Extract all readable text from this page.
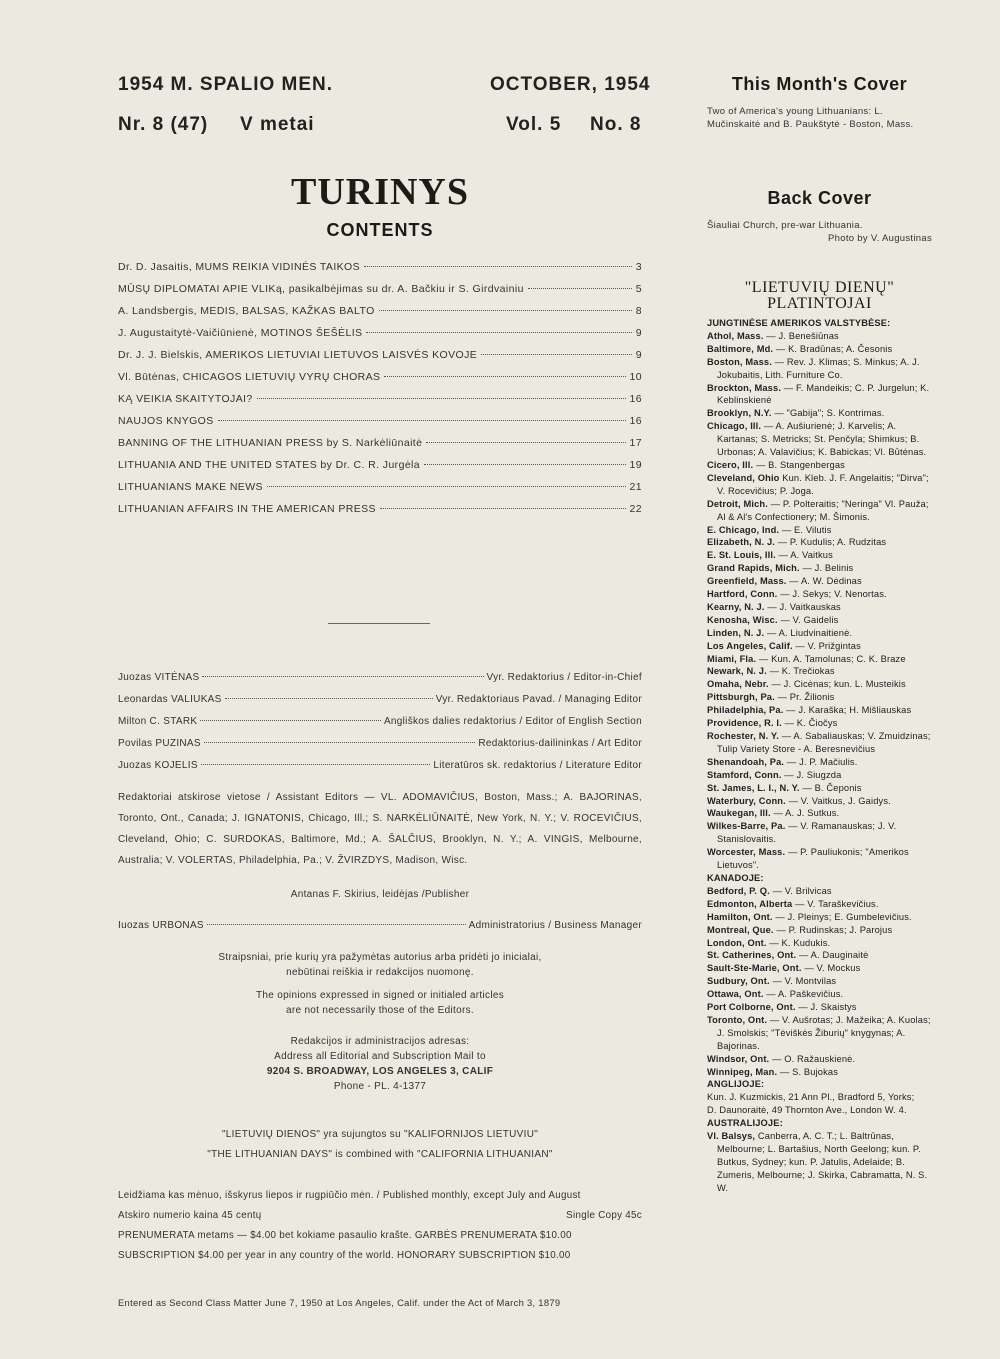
1954 M. SPALIO MEN.	OCTOBER, 1954
Nr. 8 (47) V metai	Vol. 5 No. 8
TURINYS
CONTENTS
Dr. D. Jasaitis, MUMS REIKIA VIDINĖS TAIKOS	3
MŪSŲ DIPLOMATAI APIE VLIKą, pasikalbėjimas su dr. A. Bačkiu ir S. Girdvainiu	5
A. Landsbergis, MEDIS, BALSAS, KAŽKAS BALTO	8
J. Augustaitytė-Vaičiūnienė, MOTINOS ŠEŠĖLIS	9
Dr. J. J. Bielskis, AMERIKOS LIETUVIAI LIETUVOS LAISVĖS KOVOJE	9
Vl. Būtėnas, CHICAGOS LIETUVIŲ VYRŲ CHORAS	10
KĄ VEIKIA SKAITYTOJAI?	16
NAUJOS KNYGOS	16
BANNING OF THE LITHUANIAN PRESS by S. Narkėliūnaitė	17
LITHUANIA AND THE UNITED STATES by Dr. C. R. Jurgėla	19
LITHUANIANS MAKE NEWS	21
LITHUANIAN AFFAIRS IN THE AMERICAN PRESS	22
Juozas VITĖNAS	Vyr. Redaktorius / Editor-in-Chief
Leonardas VALIUKAS	Vyr. Redaktoriaus Pavad. / Managing Editor
Milton C. STARK	Angliškos dalies redaktorius / Editor of English Section
Povilas PUZINAS	Redaktorius-dailininkas / Art Editor
Juozas KOJELIS	Literatūros sk. redaktorius / Literature Editor
Redaktoriai atskirose vietose / Assistant Editors — VL. ADOMAVIČIUS, Boston, Mass.; A. BAJORINAS, Toronto, Ont., Canada; J. IGNATONIS, Chicago, Ill.; S. NARKĖLIŪNAITĖ, New York, N. Y.; V. ROCEVIČIUS, Cleveland, Ohio; C. SURDOKAS, Baltimore, Md.; A. ŠALČIUS, Brooklyn, N. Y.; A. VINGIS, Melbourne, Australia; V. VOLERTAS, Philadelphia, Pa.; V. ŽVIRZDYS, Madison, Wisc.
Antanas F. Skirius, leidėjas /Publisher
Iuozas URBONAS	Administratorius / Business Manager
Straipsniai, prie kurių yra pažymėtas autorius arba pridėti jo inicialai,
nebūtinai reiškia ir redakcijos nuomonę.
The opinions expressed in signed or initialed articles
are not necessarily those of the Editors.
Redakcijos ir administracijos adresas:
Address all Editorial and Subscription Mail to
9204 S. BROADWAY, LOS ANGELES 3, CALIF
Phone - PL. 4-1377
"LIETUVIŲ DIENOS" yra sujungtos su "KALIFORNIJOS LIETUVIU"
"THE LITHUANIAN DAYS" is combined with "CALIFORNIA LITHUANIAN"
Leidžiama kas mėnuo, išskyrus liepos ir rugpiūčio mėn. / Published monthly, except July and August
Atskiro numerio kaina 45 centų	Single Copy 45c
PRENUMERATA metams — $4.00 bet kokiame pasaulio krašte. GARBĖS PRENUMERATA $10.00
SUBSCRIPTION $4.00 per year in any country of the world. HONORARY SUBSCRIPTION $10.00
Entered as Second Class Matter June 7, 1950 at Los Angeles, Calif. under the Act of March 3, 1879
This Month's Cover
Two of America's young Lithuanians: L. Mučinskaitė and B. Paukštytė - Boston, Mass.
Back Cover
Šiauliai Church, pre-war Lithuania.
Photo by V. Augustinas
"LIETUVIŲ DIENŲ"
PLATINTOJAI

JUNGTINĖSE AMERIKOS VALSTYBĖSE:

Athol, Mass. — J. Benešiūnas

Baltimore, Md. — K. Bradūnas; A. Česonis

Boston, Mass. — Rev. J. Klimas; S. Minkus; A. J. Jokubaitis, Lith. Furniture Co.

Brockton, Mass. — F. Mandeikis; C. P. Jurgelun; K. Keblinskienė

Brooklyn, N.Y. — "Gabija"; S. Kontrimas.

Chicago, Ill. — A. Aušiurienė; J. Karvelis; A. Kartanas; S. Metricks; St. Penčyla; Shimkus; B. Urbonas; A. Valavičius; K. Babickas; Vl. Būtėnas.

Cicero, Ill. — B. Stangenbergas

Cleveland, Ohio Kun. Kleb. J. F. Angelaitis; "Dirva"; V. Rocevičius; P. Joga.

Detroit, Mich. — P. Polteraitis; "Neringa" Vl. Pauža; Al & Al's Confectionery; M. Šimonis.

E. Chicago, Ind. — E. Vilutis

Elizabeth, N. J. — P. Kudulis; A. Rudzitas

E. St. Louis, Ill. — A. Vaitkus

Grand Rapids, Mich. — J. Belinis

Greenfield, Mass. — A. W. Dėdinas

Hartford, Conn. — J. Sekys; V. Nenortas.

Kearny, N. J. — J. Vaitkauskas

Kenosha, Wisc. — V. Gaidelis

Linden, N. J. — A. Liudvinaitienė.

Los Angeles, Calif. — V. Prižgintas

Miami, Fla. — Kun. A. Tamolunas; C. K. Braze

Newark, N. J. — K. Trečiokas

Omaha, Nebr. — J. Cicėnas; kun. L. Musteikis

Pittsburgh, Pa. — Pr. Žilionis

Philadelphia, Pa. — J. Karaška; H. Mišliauskas

Providence, R. I. — K. Čiočys

Rochester, N. Y. — A. Sabaliauskas; V. Zmuidzinas; Tulip Variety Store - A. Beresnevičius

Shenandoah, Pa. — J. P. Mačiulis.

Stamford, Conn. — J. Siugzda

St. James, L. I., N. Y. — B. Čeponis

Waterbury, Conn. — V. Vaitkus, J. Gaidys.

Waukegan, Ill. — A. J. Sutkus.

Wilkes-Barre, Pa. — V. Ramanauskas; J. V. Stanislovaitis.

Worcester, Mass. — P. Pauliukonis; "Amerikos Lietuvos".

KANADOJE:

Bedford, P. Q. — V. Brilvicas

Edmonton, Alberta — V. Taraškevičius.

Hamilton, Ont. — J. Pleinys; E. Gumbelevičius.

Montreal, Que. — P. Rudinskas; J. Parojus

London, Ont. — K. Kudukis.

St. Catherines, Ont. — A. Dauginaitė

Sault-Ste-Marie, Ont. — V. Mockus

Sudbury, Ont. — V. Montvilas

Ottawa, Ont. — A. Paškevičius.

Port Colborne, Ont. — J. Skaistys

Toronto, Ont. — V. Aušrotas; J. Mažeika; A. Kuolas; J. Smolskis; "Tėviškės Žiburių" knygynas; A. Bajorinas.

Windsor, Ont. — O. Ražauskienė.

Winnipeg, Man. — S. Bujokas

ANGLIJOJE:

Kun. J. Kuzmickis, 21 Ann Pl., Bradford 5, Yorks;

D. Daunoraitė, 49 Thornton Ave., London W. 4.

AUSTRALIJOJE:

Vl. Balsys, Canberra, A. C. T.; L. Baltrūnas, Melbourne; L. Bartašius, North Geelong; kun. P. Butkus, Sydney; kun. P. Jatulis, Adelaide; B. Zumeris, Melbourne; J. Skirka, Cabramatta, N. S. W.
